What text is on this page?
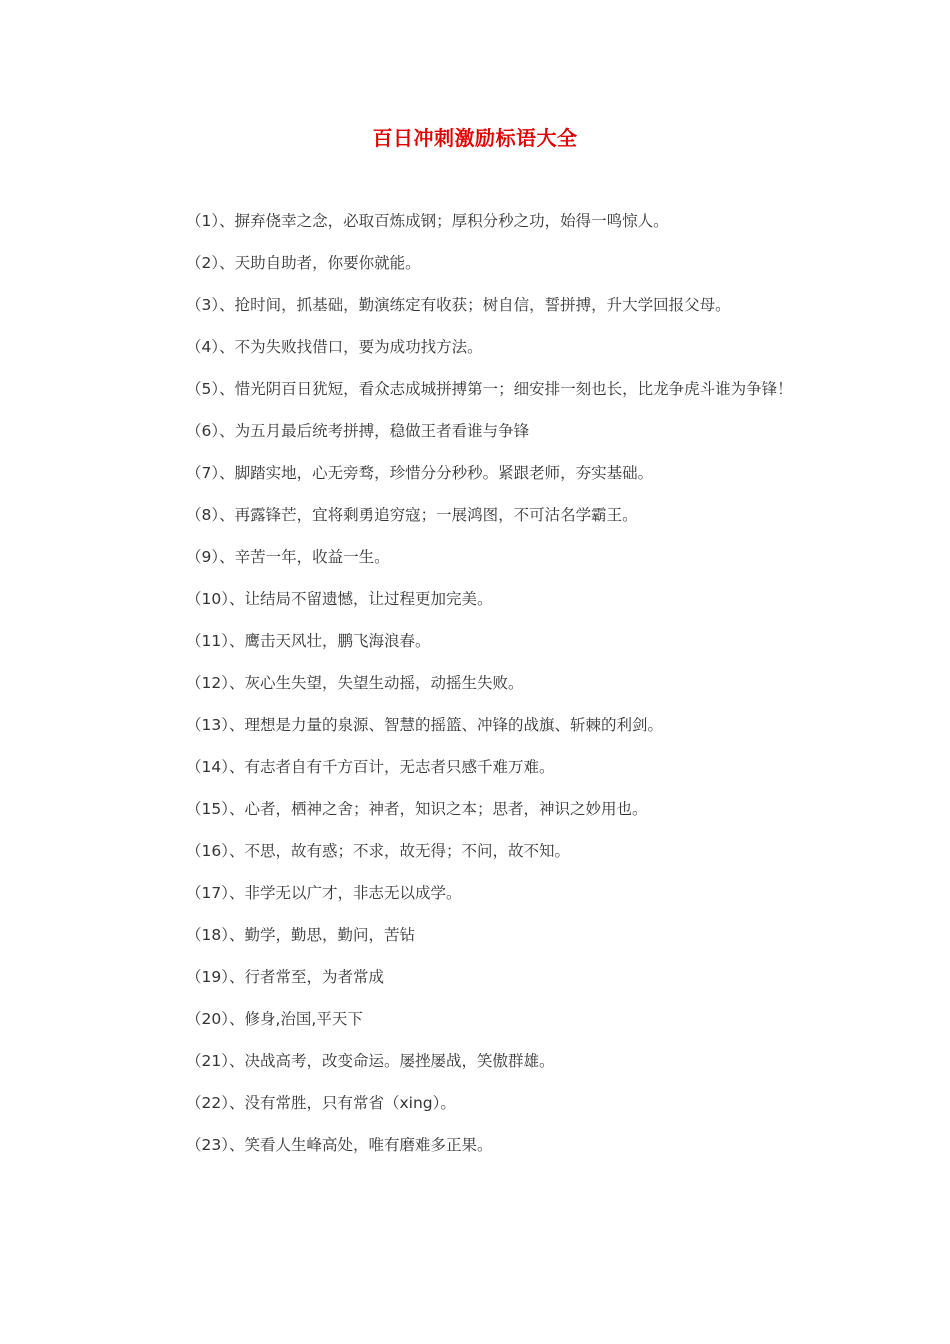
百日冲刺激励标语大全
（1）、摒弃侥幸之念，必取百炼成钢；厚积分秒之功，始得一鸣惊人。
（2）、天助自助者，你要你就能。
（3）、抢时间，抓基础，勤演练定有收获；树自信，誓拼搏，升大学回报父母。
（4）、不为失败找借口，要为成功找方法。
（5）、惜光阴百日犹短，看众志成城拼搏第一；细安排一刻也长，比龙争虎斗谁为争锋！
（6）、为五月最后统考拼搏，稳做王者看谁与争锋
（7）、脚踏实地，心无旁骛，珍惜分分秒秒。紧跟老师，夯实基础。
（8）、再露锋芒，宜将剩勇追穷寇；一展鸿图，不可沽名学霸王。
（9）、辛苦一年，收益一生。
（10）、让结局不留遗憾，让过程更加完美。
（11）、鹰击天风壮，鹏飞海浪春。
（12）、灰心生失望，失望生动摇，动摇生失败。
（13）、理想是力量的泉源、智慧的摇篮、冲锋的战旗、斩棘的利剑。
（14）、有志者自有千方百计，无志者只感千难万难。
（15）、心者，栖神之舍；神者，知识之本；思者，神识之妙用也。
（16）、不思，故有惑；不求，故无得；不问，故不知。
（17）、非学无以广才，非志无以成学。
（18）、勤学，勤思，勤问，苦钻
（19）、行者常至，为者常成
（20）、修身,治国,平天下
（21）、决战高考，改变命运。屡挫屡战，笑傲群雄。
（22）、没有常胜，只有常省（xing）。
（23）、笑看人生峰高处，唯有磨难多正果。
